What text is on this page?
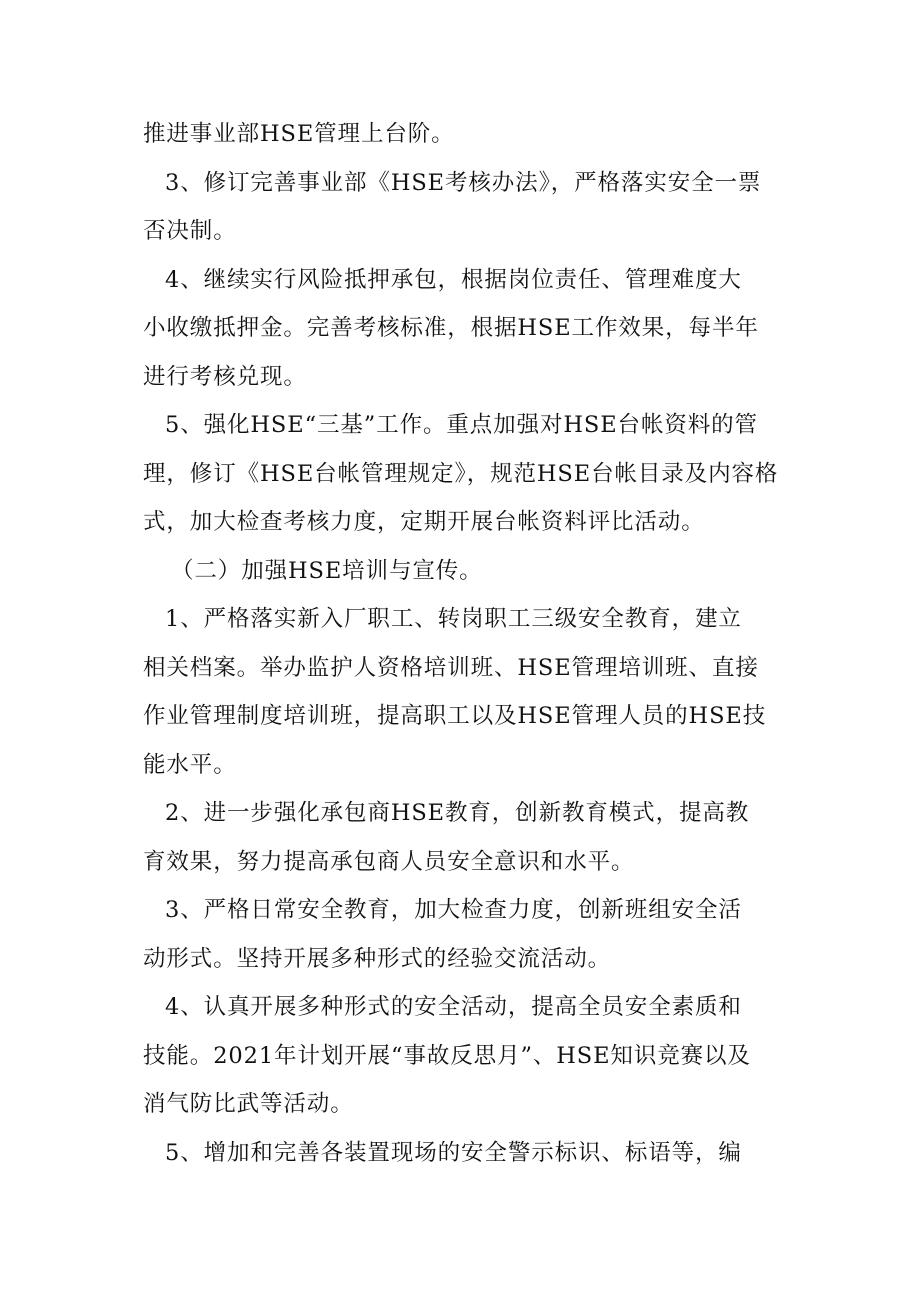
推进事业部HSE管理上台阶。
3、修订完善事业部《HSE考核办法》，严格落实安全一票
否决制。
4、继续实行风险抵押承包，根据岗位责任、管理难度大
小收缴抵押金。完善考核标准，根据HSE工作效果，每半年
进行考核兑现。
5、强化HSE“三基”工作。重点加强对HSE台帐资料的管
理，修订《HSE台帐管理规定》，规范HSE台帐目录及内容格
式，加大检查考核力度，定期开展台帐资料评比活动。
（二）加强HSE培训与宣传。
1、严格落实新入厂职工、转岗职工三级安全教育，建立
相关档案。举办监护人资格培训班、HSE管理培训班、直接
作业管理制度培训班，提高职工以及HSE管理人员的HSE技
能水平。
2、进一步强化承包商HSE教育，创新教育模式，提高教
育效果，努力提高承包商人员安全意识和水平。
3、严格日常安全教育，加大检查力度，创新班组安全活
动形式。坚持开展多种形式的经验交流活动。
4、认真开展多种形式的安全活动，提高全员安全素质和
技能。2021年计划开展“事故反思月”、HSE知识竞赛以及
消气防比武等活动。
5、增加和完善各装置现场的安全警示标识、标语等，编
